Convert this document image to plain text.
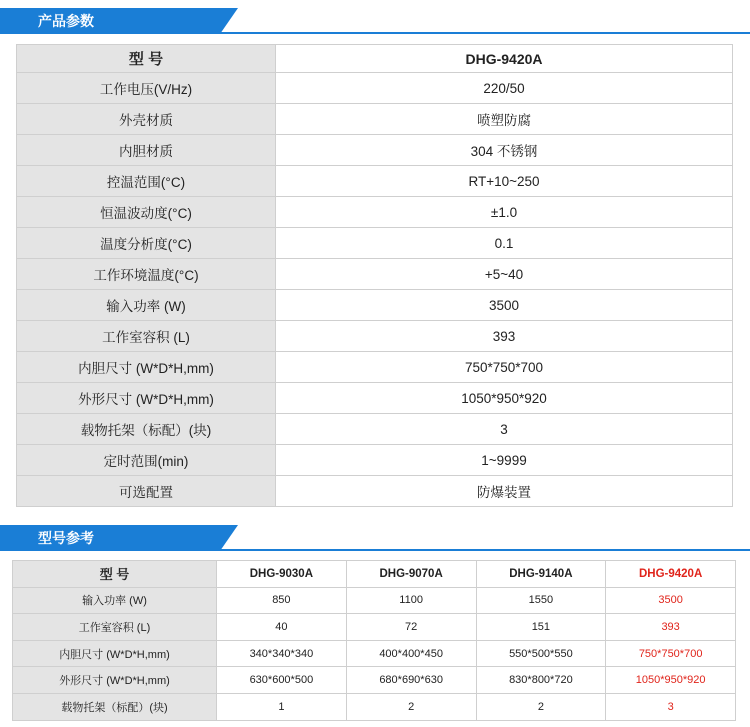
产品参数
型 号	DHG-9420A
工作电压(V/Hz)	220/50
外壳材质	喷塑防腐
内胆材质	304 不锈钢
控温范围(°C)	RT+10~250
恒温波动度(°C)	±1.0
温度分析度(°C)	0.1
工作环境温度(°C)	+5~40
输入功率 (W)	3500
工作室容积 (L)	393
内胆尺寸 (W*D*H,mm)	750*750*700
外形尺寸 (W*D*H,mm)	1050*950*920
载物托架（标配）(块)	3
定时范围(min)	1~9999
可选配置	防爆装置
型号参考
型 号	DHG-9030A	DHG-9070A	DHG-9140A	DHG-9420A
输入功率 (W)	850	1100	1550	3500
工作室容积 (L)	40	72	151	393
内胆尺寸 (W*D*H,mm)	340*340*340	400*400*450	550*500*550	750*750*700
外形尺寸 (W*D*H,mm)	630*600*500	680*690*630	830*800*720	1050*950*920
载物托架（标配）(块)	1	2	2	3
